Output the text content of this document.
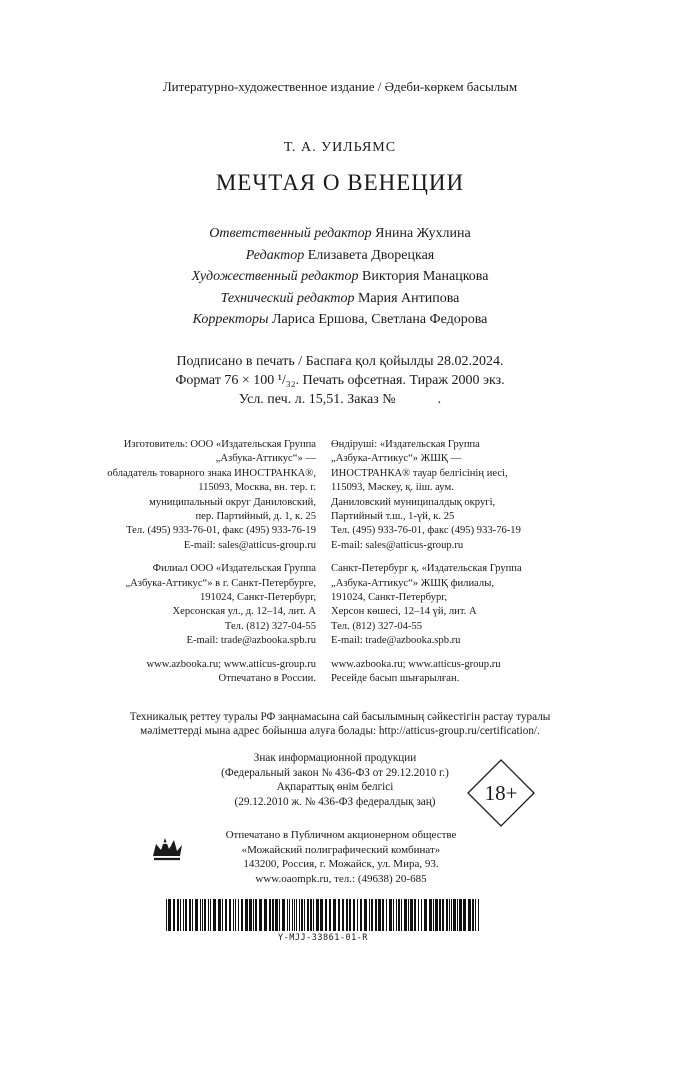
Литературно-художественное издание / Әдеби-көркем басылым
Т. А. УИЛЬЯМС
МЕЧТАЯ О ВЕНЕЦИИ
Ответственный редактор Янина Жухлина
Редактор Елизавета Дворецкая
Художественный редактор Виктория Манацкова
Технический редактор Мария Антипова
Корректоры Лариса Ершова, Светлана Федорова
Подписано в печать / Баспаға қол қойылды 28.02.2024.
Формат 76 × 100 ¹/₃₂. Печать офсетная. Тираж 2000 экз.
Усл. печ. л. 15,51. Заказ №            .
Изготовитель: ООО «Издательская Группа
„Азбука-Аттикус“» —
обладатель товарного знака ИНОСТРАНКА®,
115093, Москва, вн. тер. г.
муниципальный округ Даниловский,
пер. Партийный, д. 1, к. 25
Тел. (495) 933-76-01, факс (495) 933-76-19
E-mail: sales@atticus-group.ru
Филиал ООО «Издательская Группа
„Азбука-Аттикус“» в г. Санкт-Петербурге,
191024, Санкт-Петербург,
Херсонская ул., д. 12–14, лит. А
Тел. (812) 327-04-55
E-mail: trade@azbooka.spb.ru
www.azbooka.ru; www.atticus-group.ru
Отпечатано в России.
Өндіруші: «Издательская Группа
„Азбука-Аттикус“» ЖШҚ —
ИНОСТРАНКА® тауар белгісінің иесі,
115093, Мәскеу, қ. ііш. аум.
Даниловский муниципалдық округі,
Партийный т.ш., 1-үй, к. 25
Тел. (495) 933-76-01, факс (495) 933-76-19
E-mail: sales@atticus-group.ru
Санкт-Петербург қ. «Издательская Группа
„Азбука-Аттикус“» ЖШҚ филиалы,
191024, Санкт-Петербург,
Херсон көшесі, 12–14 үй, лит. А
Тел. (812) 327-04-55
E-mail: trade@azbooka.spb.ru
www.azbooka.ru; www.atticus-group.ru
Ресейде басып шығарылған.
Техникалық реттеу туралы РФ заңнамасына сай басылымның сәйкестігін растау туралы
мәліметтерді мына адрес бойынша алуға болады: http://atticus-group.ru/certification/.
Знак информационной продукции
(Федеральный закон № 436-ФЗ от 29.12.2010 г.)
Ақпараттық өнім белгісі
(29.12.2010 ж. № 436-ФЗ федералдық заң)	18+
Отпечатано в Публичном акционерном обществе
«Можайский полиграфический комбинат»
143200, Россия, г. Можайск, ул. Мира, 93.
www.oaompk.ru, тел.: (49638) 20-685
Y-MJJ-33861-01-R
